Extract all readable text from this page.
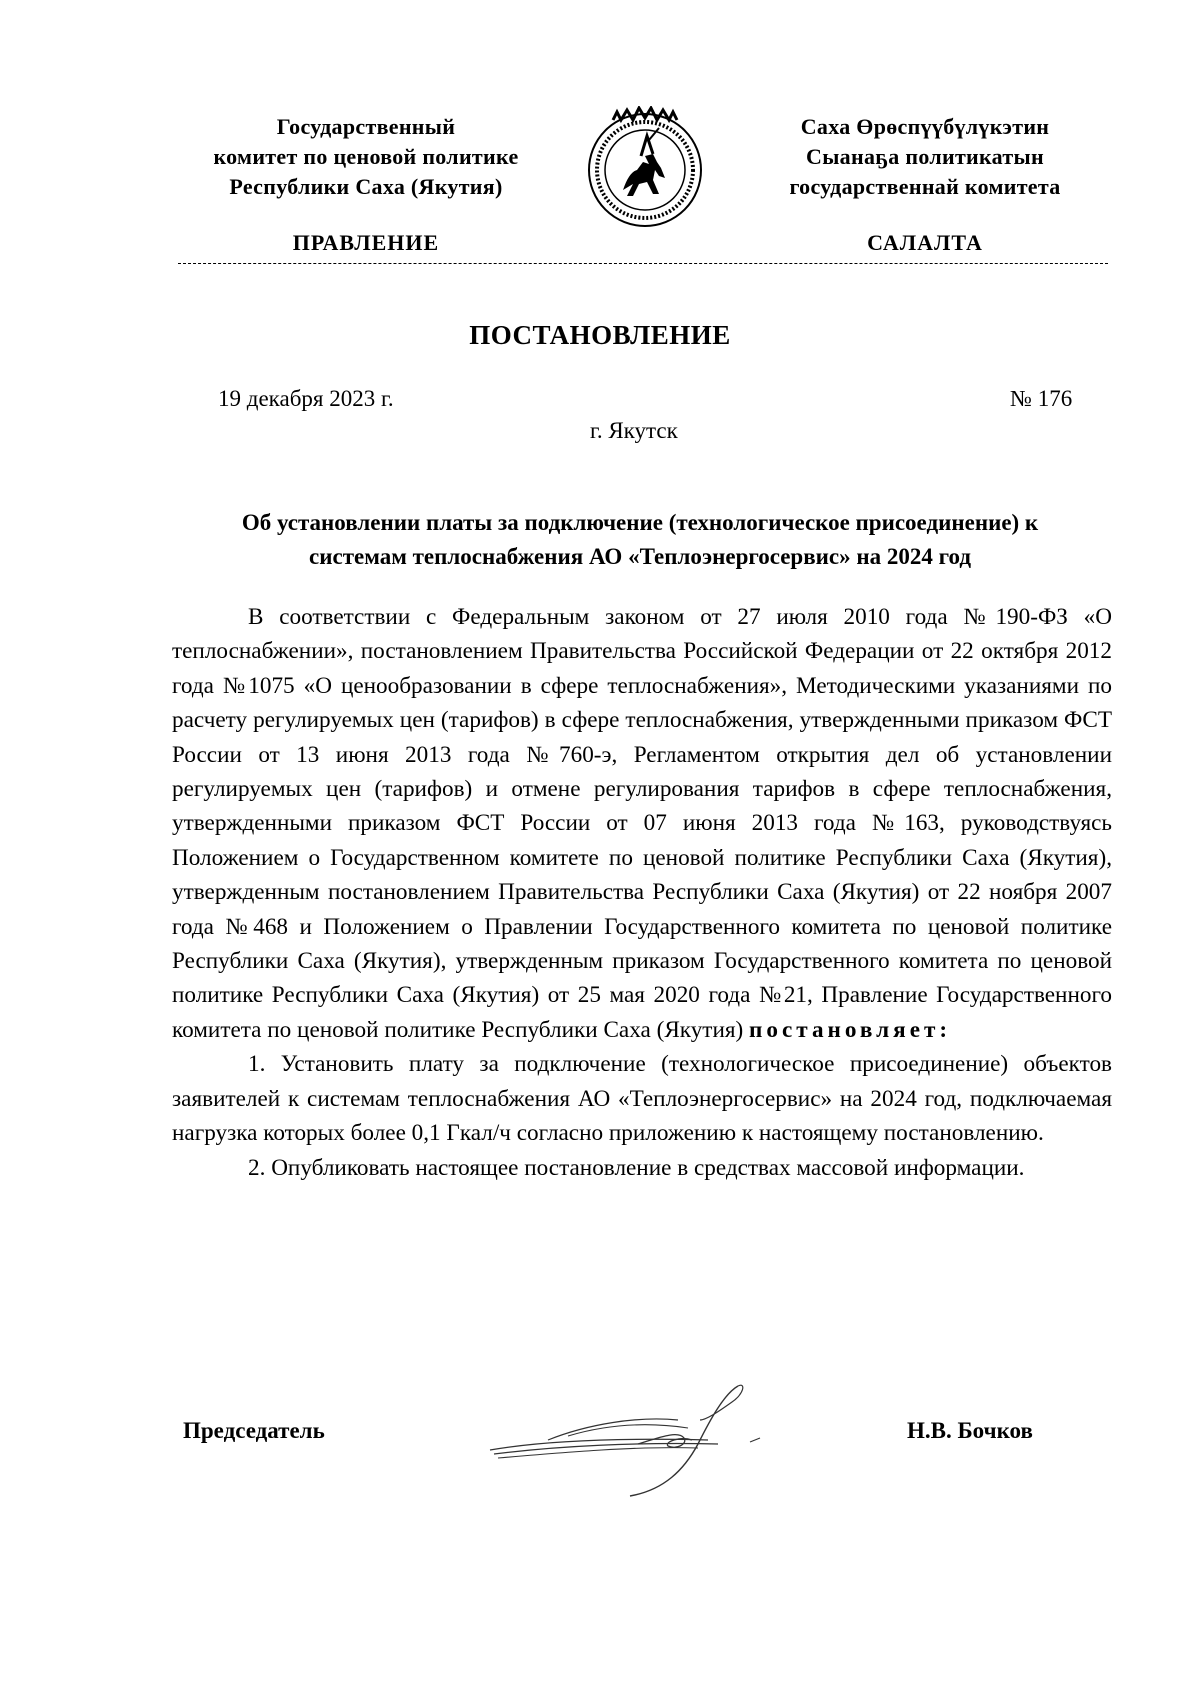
Государственный
комитет по ценовой политике
Республики Саха (Якутия)
Саха Өрөспүүбүлүкэтин
Сыанаҕа политикатын
государственнай комитета
ПРАВЛЕНИЕ	САЛАЛТА
ПОСТАНОВЛЕНИЕ
19 декабря 2023 г.	№ 176
г. Якутск
Об установлении платы за подключение (технологическое присоединение) к
системам теплоснабжения АО «Теплоэнергосервис» на 2024 год

В соответствии с Федеральным законом от 27 июля 2010 года №190-ФЗ «О теплоснабжении», постановлением Правительства Российской Федерации от 22 октября 2012 года №1075 «О ценообразовании в сфере теплоснабжения», Методическими указаниями по расчету регулируемых цен (тарифов) в сфере теплоснабжения, утвержденными приказом ФСТ России от 13 июня 2013 года №760-э, Регламентом открытия дел об установлении регулируемых цен (тарифов) и отмене регулирования тарифов в сфере теплоснабжения, утвержденными приказом ФСТ России от 07 июня 2013 года №163, руководствуясь Положением о Государственном комитете по ценовой политике Республики Саха (Якутия), утвержденным постановлением Правительства Республики Саха (Якутия) от 22 ноября 2007 года №468 и Положением о Правлении Государственного комитета по ценовой политике Республики Саха (Якутия), утвержденным приказом Государственного комитета по ценовой политике Республики Саха (Якутия) от 25 мая 2020 года №21, Правление Государственного комитета по ценовой политике Республики Саха (Якутия) постановляет:

1. Установить плату за подключение (технологическое присоединение) объектов заявителей к системам теплоснабжения АО «Теплоэнергосервис» на 2024 год, подключаемая нагрузка которых более 0,1 Гкал/ч согласно приложению к настоящему постановлению.

2. Опубликовать настоящее постановление в средствах массовой информации.

Председатель	Н.В. Бочков
